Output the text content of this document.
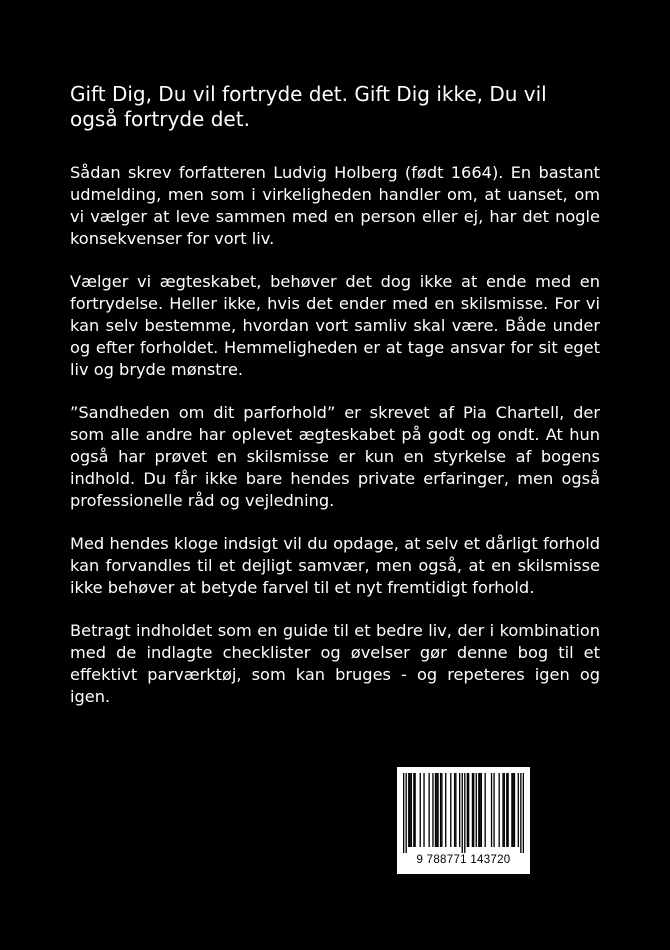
Gift Dig, Du vil fortryde det. Gift Dig ikke, Du vil
også fortryde det.

Sådan skrev forfatteren Ludvig Holberg (født 1664). En bastant udmelding, men som i virkeligheden handler om, at uanset, om vi vælger at leve sammen med en person eller ej, har det nogle konsekvenser for vort liv.

Vælger vi ægteskabet, behøver det dog ikke at ende med en fortrydelse. Heller ikke, hvis det ender med en skilsmisse. For vi kan selv bestemme, hvordan vort samliv skal være. Både under og efter forholdet. Hemmeligheden er at tage ansvar for sit eget liv og bryde mønstre.

”Sandheden om dit parforhold” er skrevet af Pia Chartell, der som alle andre har oplevet ægteskabet på godt og ondt. At hun også har prøvet en skilsmisse er kun en styrkelse af bogens indhold. Du får ikke bare hendes private erfaringer, men også professionelle råd og vejledning.

Med hendes kloge indsigt vil du opdage, at selv et dårligt forhold kan forvandles til et dejligt samvær, men også, at en skilsmisse ikke behøver at betyde farvel til et nyt fremtidigt forhold.

Betragt indholdet som en guide til et bedre liv, der i kombination med de indlagte checklister og øvelser gør denne bog til et effektivt parværktøj, som kan bruges - og repeteres igen og igen.

9 788771 143720
